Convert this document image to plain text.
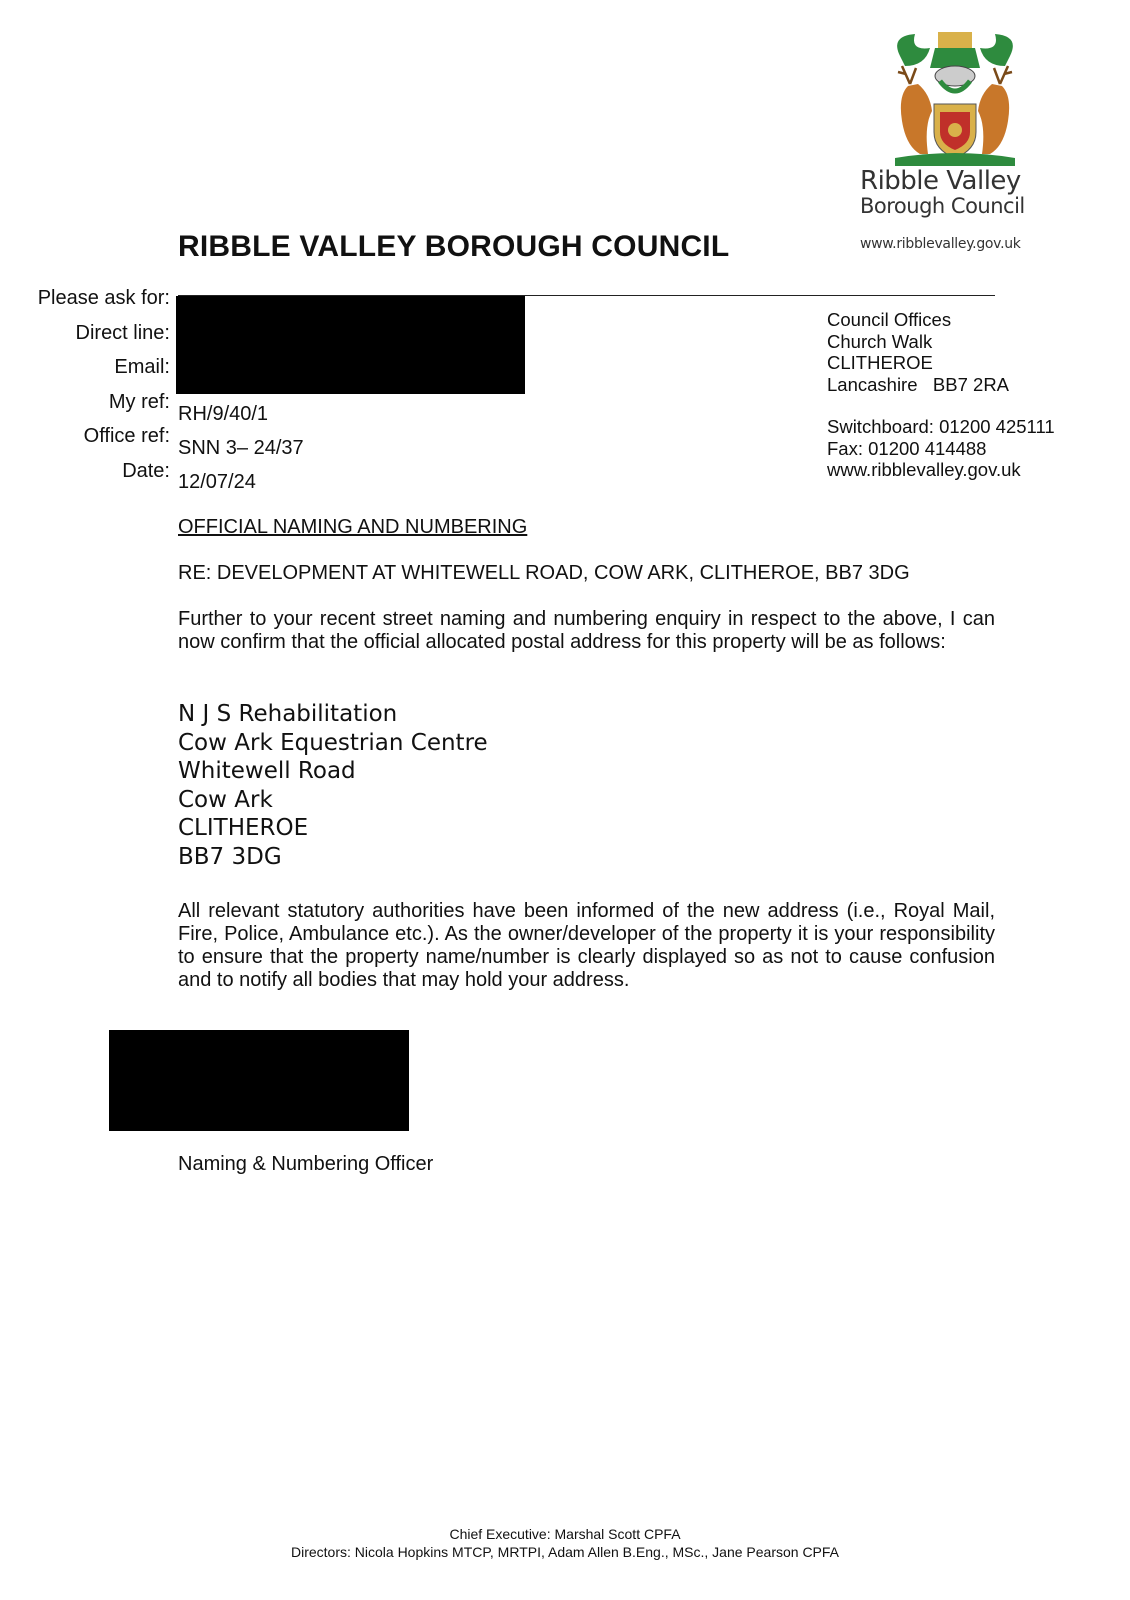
Ribble Valley
Borough Council
www.ribblevalley.gov.uk
RIBBLE VALLEY BOROUGH COUNCIL
Please ask for:
Direct line:
Email:
My ref:
Office ref:
Date:
RH/9/40/1
SNN 3– 24/37
12/07/24
Council Offices
Church Walk
CLITHEROE
Lancashire   BB7 2RA
Switchboard: 01200 425111
Fax: 01200 414488
www.ribblevalley.gov.uk
OFFICIAL NAMING AND NUMBERING
RE: DEVELOPMENT AT WHITEWELL ROAD, COW ARK, CLITHEROE, BB7 3DG
Further to your recent street naming and numbering enquiry in respect to the above, I can now confirm that the official allocated postal address for this property will be as follows:
N J S Rehabilitation
Cow Ark Equestrian Centre
Whitewell Road
Cow Ark
CLITHEROE
BB7 3DG
All relevant statutory authorities have been informed of the new address (i.e., Royal Mail, Fire, Police, Ambulance etc.). As the owner/developer of the property it is your responsibility to ensure that the property name/number is clearly displayed so as not to cause confusion and to notify all bodies that may hold your address.
Naming & Numbering Officer
Chief Executive: Marshal Scott CPFA
Directors: Nicola Hopkins MTCP, MRTPI, Adam Allen B.Eng., MSc., Jane Pearson CPFA
